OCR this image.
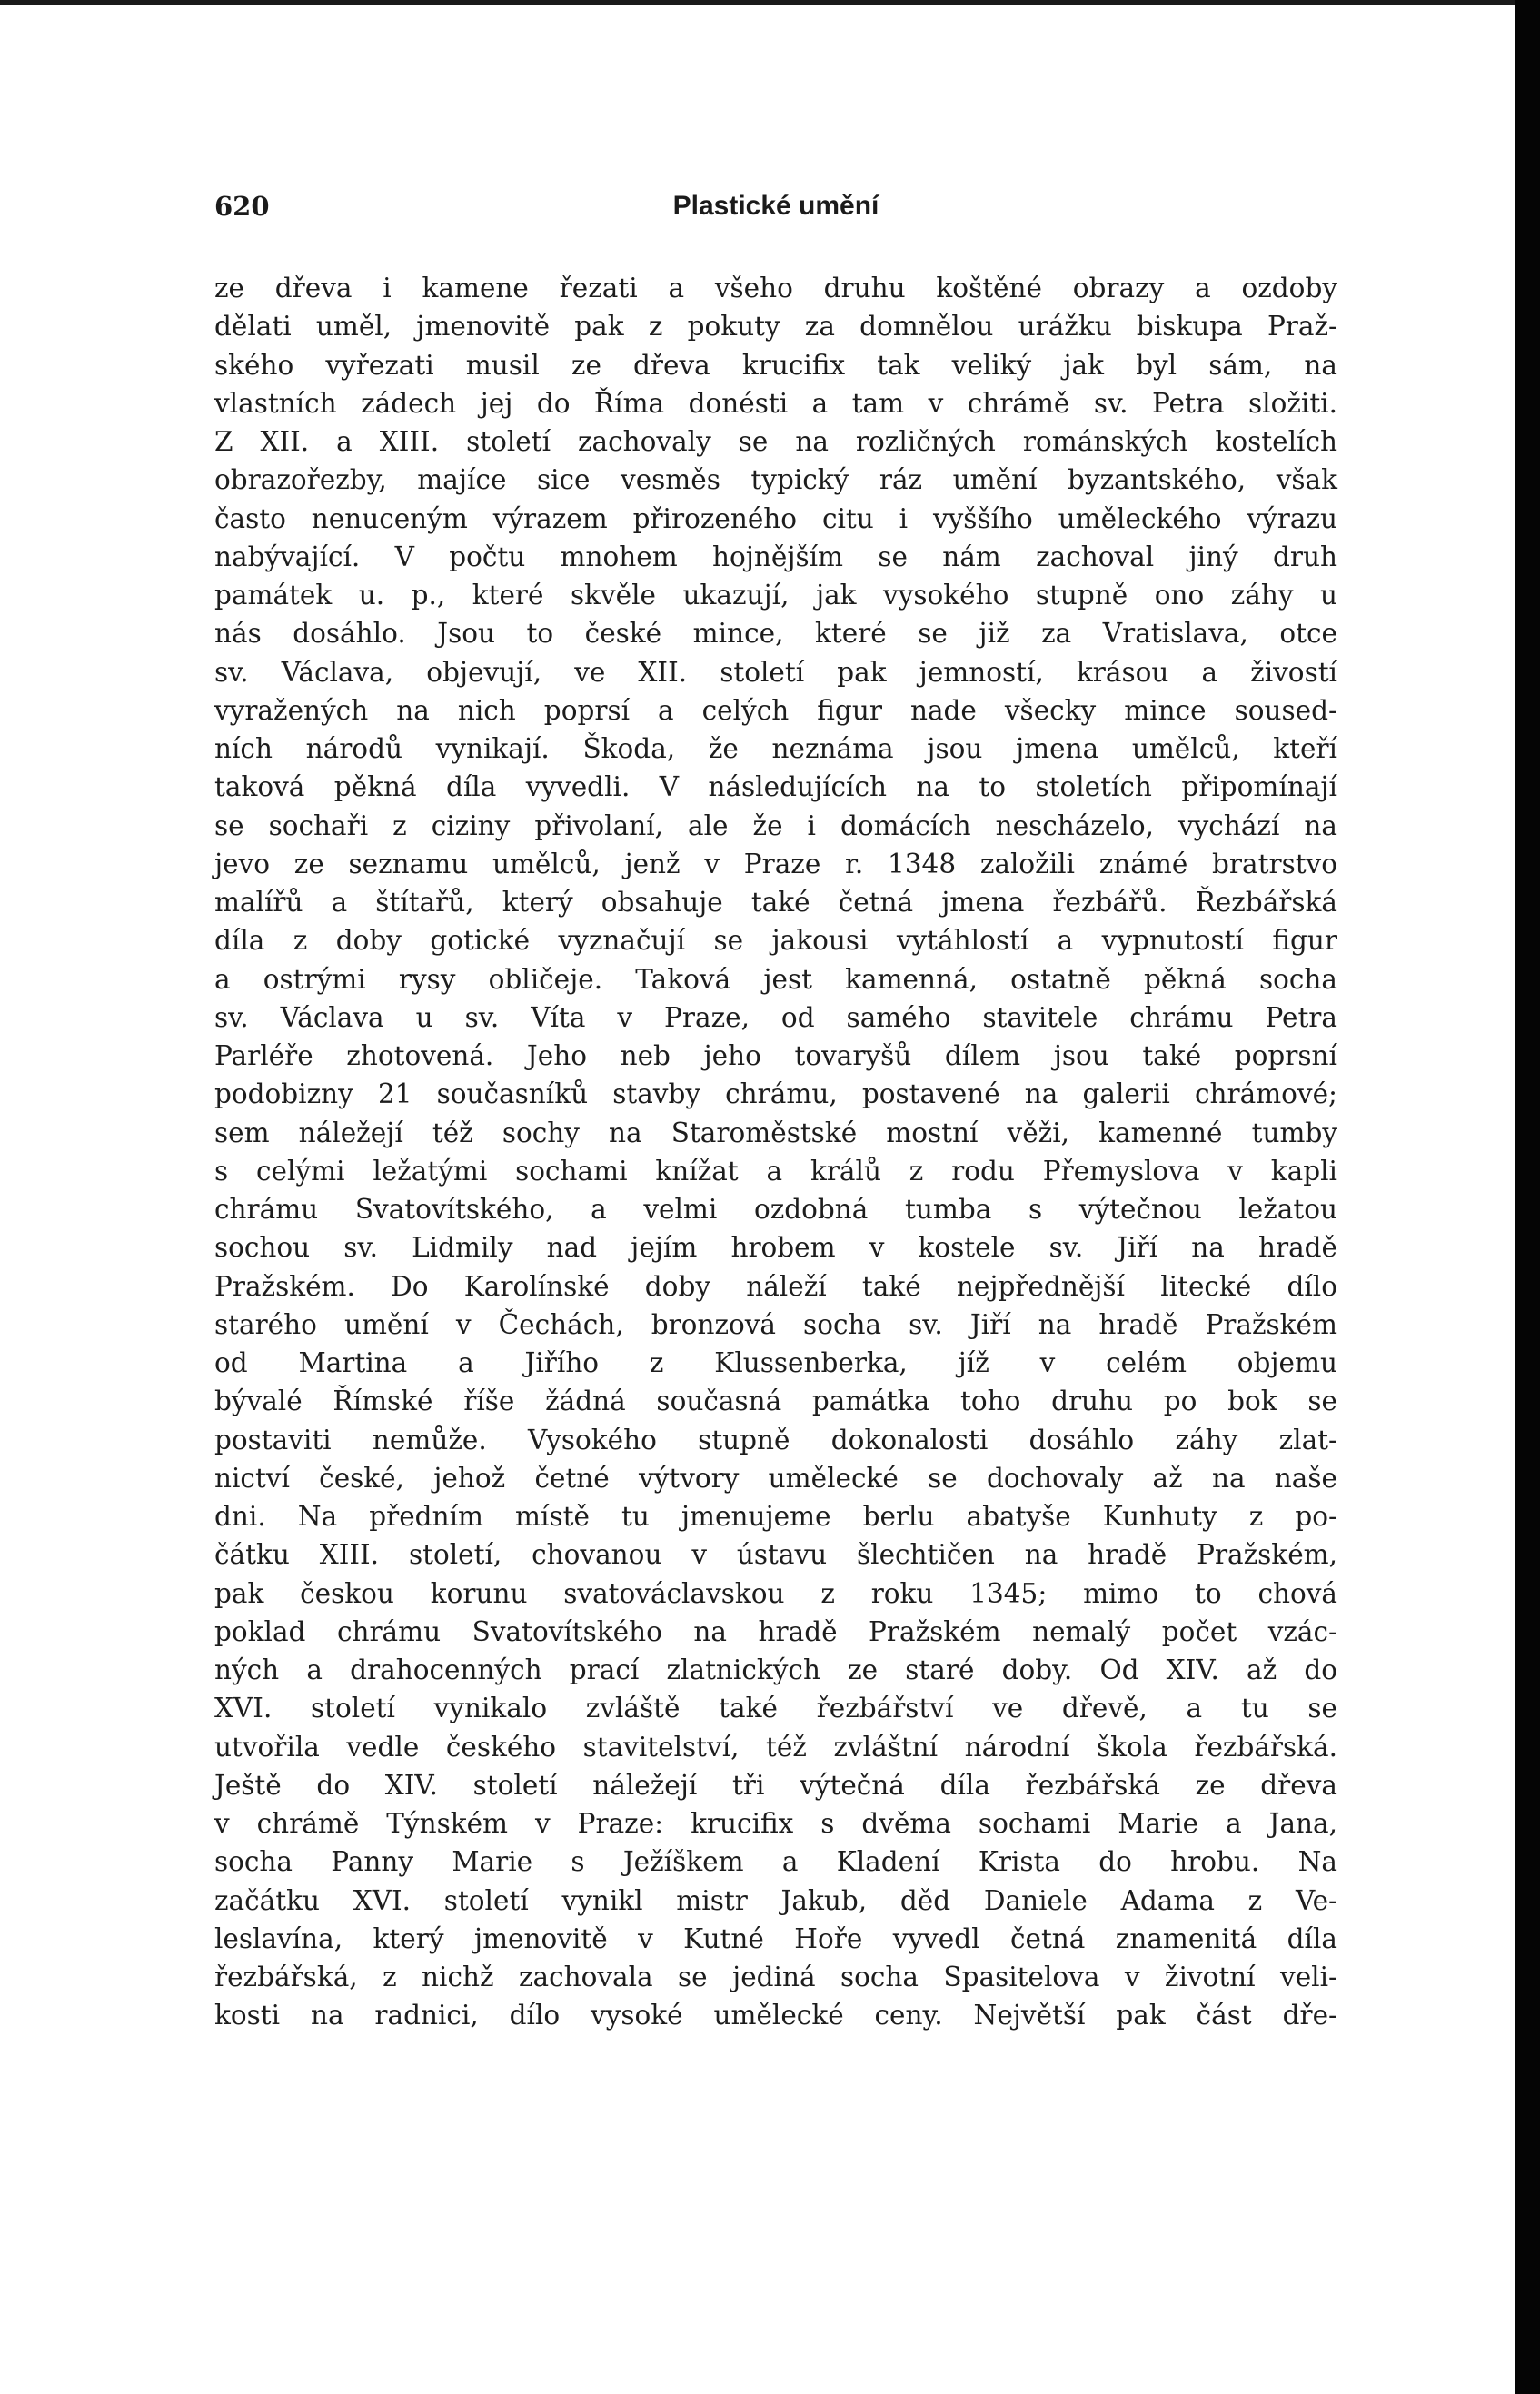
620	Plastické umění
ze dřeva i kamene řezati a všeho druhu koštěné obrazy a ozdoby
dělati uměl, jmenovitě pak z pokuty za domnělou urážku biskupa Praž-
ského vyřezati musil ze dřeva krucifix tak veliký jak byl sám, na
vlastních zádech jej do Říma donésti a tam v chrámě sv. Petra složiti.
Z XII. a XIII. století zachovaly se na rozličných románských kostelích
obrazořezby, majíce sice vesměs typický ráz umění byzantského, však
často nenuceným výrazem přirozeného citu i vyššího uměleckého výrazu
nabývající. V počtu mnohem hojnějším se nám zachoval jiný druh
památek u. p., které skvěle ukazují, jak vysokého stupně ono záhy u
nás dosáhlo. Jsou to české mince, které se již za Vratislava, otce
sv. Václava, objevují, ve XII. století pak jemností, krásou a živostí
vyražených na nich poprsí a celých figur nade všecky mince soused-
ních národů vynikají. Škoda, že neznáma jsou jmena umělců, kteří
taková pěkná díla vyvedli. V následujících na to stoletích připomínají
se sochaři z ciziny přivolaní, ale že i domácích nescházelo, vychází na
jevo ze seznamu umělců, jenž v Praze r. 1348 založili známé bratrstvo
malířů a štítařů, který obsahuje také četná jmena řezbářů. Řezbářská
díla z doby gotické vyznačují se jakousi vytáhlostí a vypnutostí figur
a ostrými rysy obličeje. Taková jest kamenná, ostatně pěkná socha
sv. Václava u sv. Víta v Praze, od samého stavitele chrámu Petra
Parléře zhotovená. Jeho neb jeho tovaryšů dílem jsou také poprsní
podobizny 21 současníků stavby chrámu, postavené na galerii chrámové;
sem náležejí též sochy na Staroměstské mostní věži, kamenné tumby
s celými ležatými sochami knížat a králů z rodu Přemyslova v kapli
chrámu Svatovítského, a velmi ozdobná tumba s výtečnou ležatou
sochou sv. Lidmily nad jejím hrobem v kostele sv. Jiří na hradě
Pražském. Do Karolínské doby náleží také nejpřednější litecké dílo
starého umění v Čechách, bronzová socha sv. Jiří na hradě Pražském
od Martina a Jiřího z Klussenberka, jíž v celém objemu
bývalé Římské říše žádná současná památka toho druhu po bok se
postaviti nemůže. Vysokého stupně dokonalosti dosáhlo záhy zlat-
nictví české, jehož četné výtvory umělecké se dochovaly až na naše
dni. Na předním místě tu jmenujeme berlu abatyše Kunhuty z po-
čátku XIII. století, chovanou v ústavu šlechtičen na hradě Pražském,
pak českou korunu svatováclavskou z roku 1345; mimo to chová
poklad chrámu Svatovítského na hradě Pražském nemalý počet vzác-
ných a drahocenných prací zlatnických ze staré doby. Od XIV. až do
XVI. století vynikalo zvláště také řezbářství ve dřevě, a tu se
utvořila vedle českého stavitelství, též zvláštní národní škola řezbářská.
Ještě do XIV. století náležejí tři výtečná díla řezbářská ze dřeva
v chrámě Týnském v Praze: krucifix s dvěma sochami Marie a Jana,
socha Panny Marie s Ježíškem a Kladení Krista do hrobu. Na
začátku XVI. století vynikl mistr Jakub, děd Daniele Adama z Ve-
leslavína, který jmenovitě v Kutné Hoře vyvedl četná znamenitá díla
řezbářská, z nichž zachovala se jediná socha Spasitelova v životní veli-
kosti na radnici, dílo vysoké umělecké ceny. Největší pak část dře-
